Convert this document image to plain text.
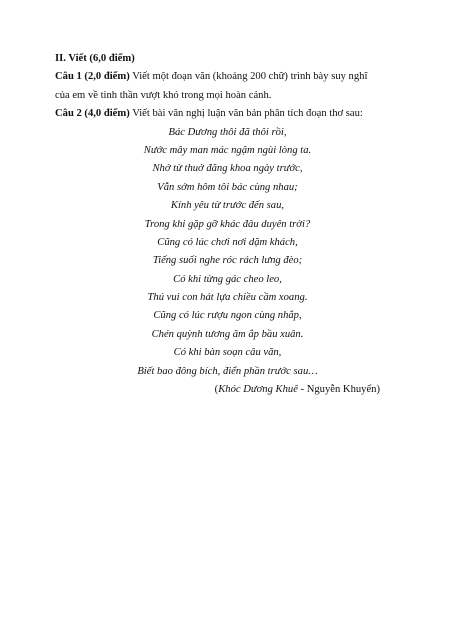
II. Viết (6,0 điểm)

Câu 1 (2,0 điểm) Viết một đoạn văn (khoảng 200 chữ) trình bày suy nghĩ
của em về tinh thần vượt khó trong mọi hoàn cảnh.
Câu 2 (4,0 điểm) Viết bài văn nghị luận văn bản phân tích đoạn thơ sau:
Bác Dương thôi đã thôi rồi,
Nước mây man mác ngậm ngùi lòng ta.
Nhớ từ thuở đăng khoa ngày trước,
Vẫn sớm hôm tôi bác cùng nhau;
Kính yêu từ trước đến sau,
Trong khi gặp gỡ khác đâu duyên trời?
Cũng có lúc chơi nơi dặm khách,
Tiếng suối nghe róc rách lưng đèo;
Có khi từng gác cheo leo,
Thú vui con hát lựa chiều cầm xoang.
Cũng có lúc rượu ngon cùng nhắp,
Chén quỳnh tương ăm ắp bầu xuân.
Có khi bàn soạn câu văn,
Biết bao đông bích, điển phần trước sau…
(Khóc Dương Khuê - Nguyễn Khuyến)
